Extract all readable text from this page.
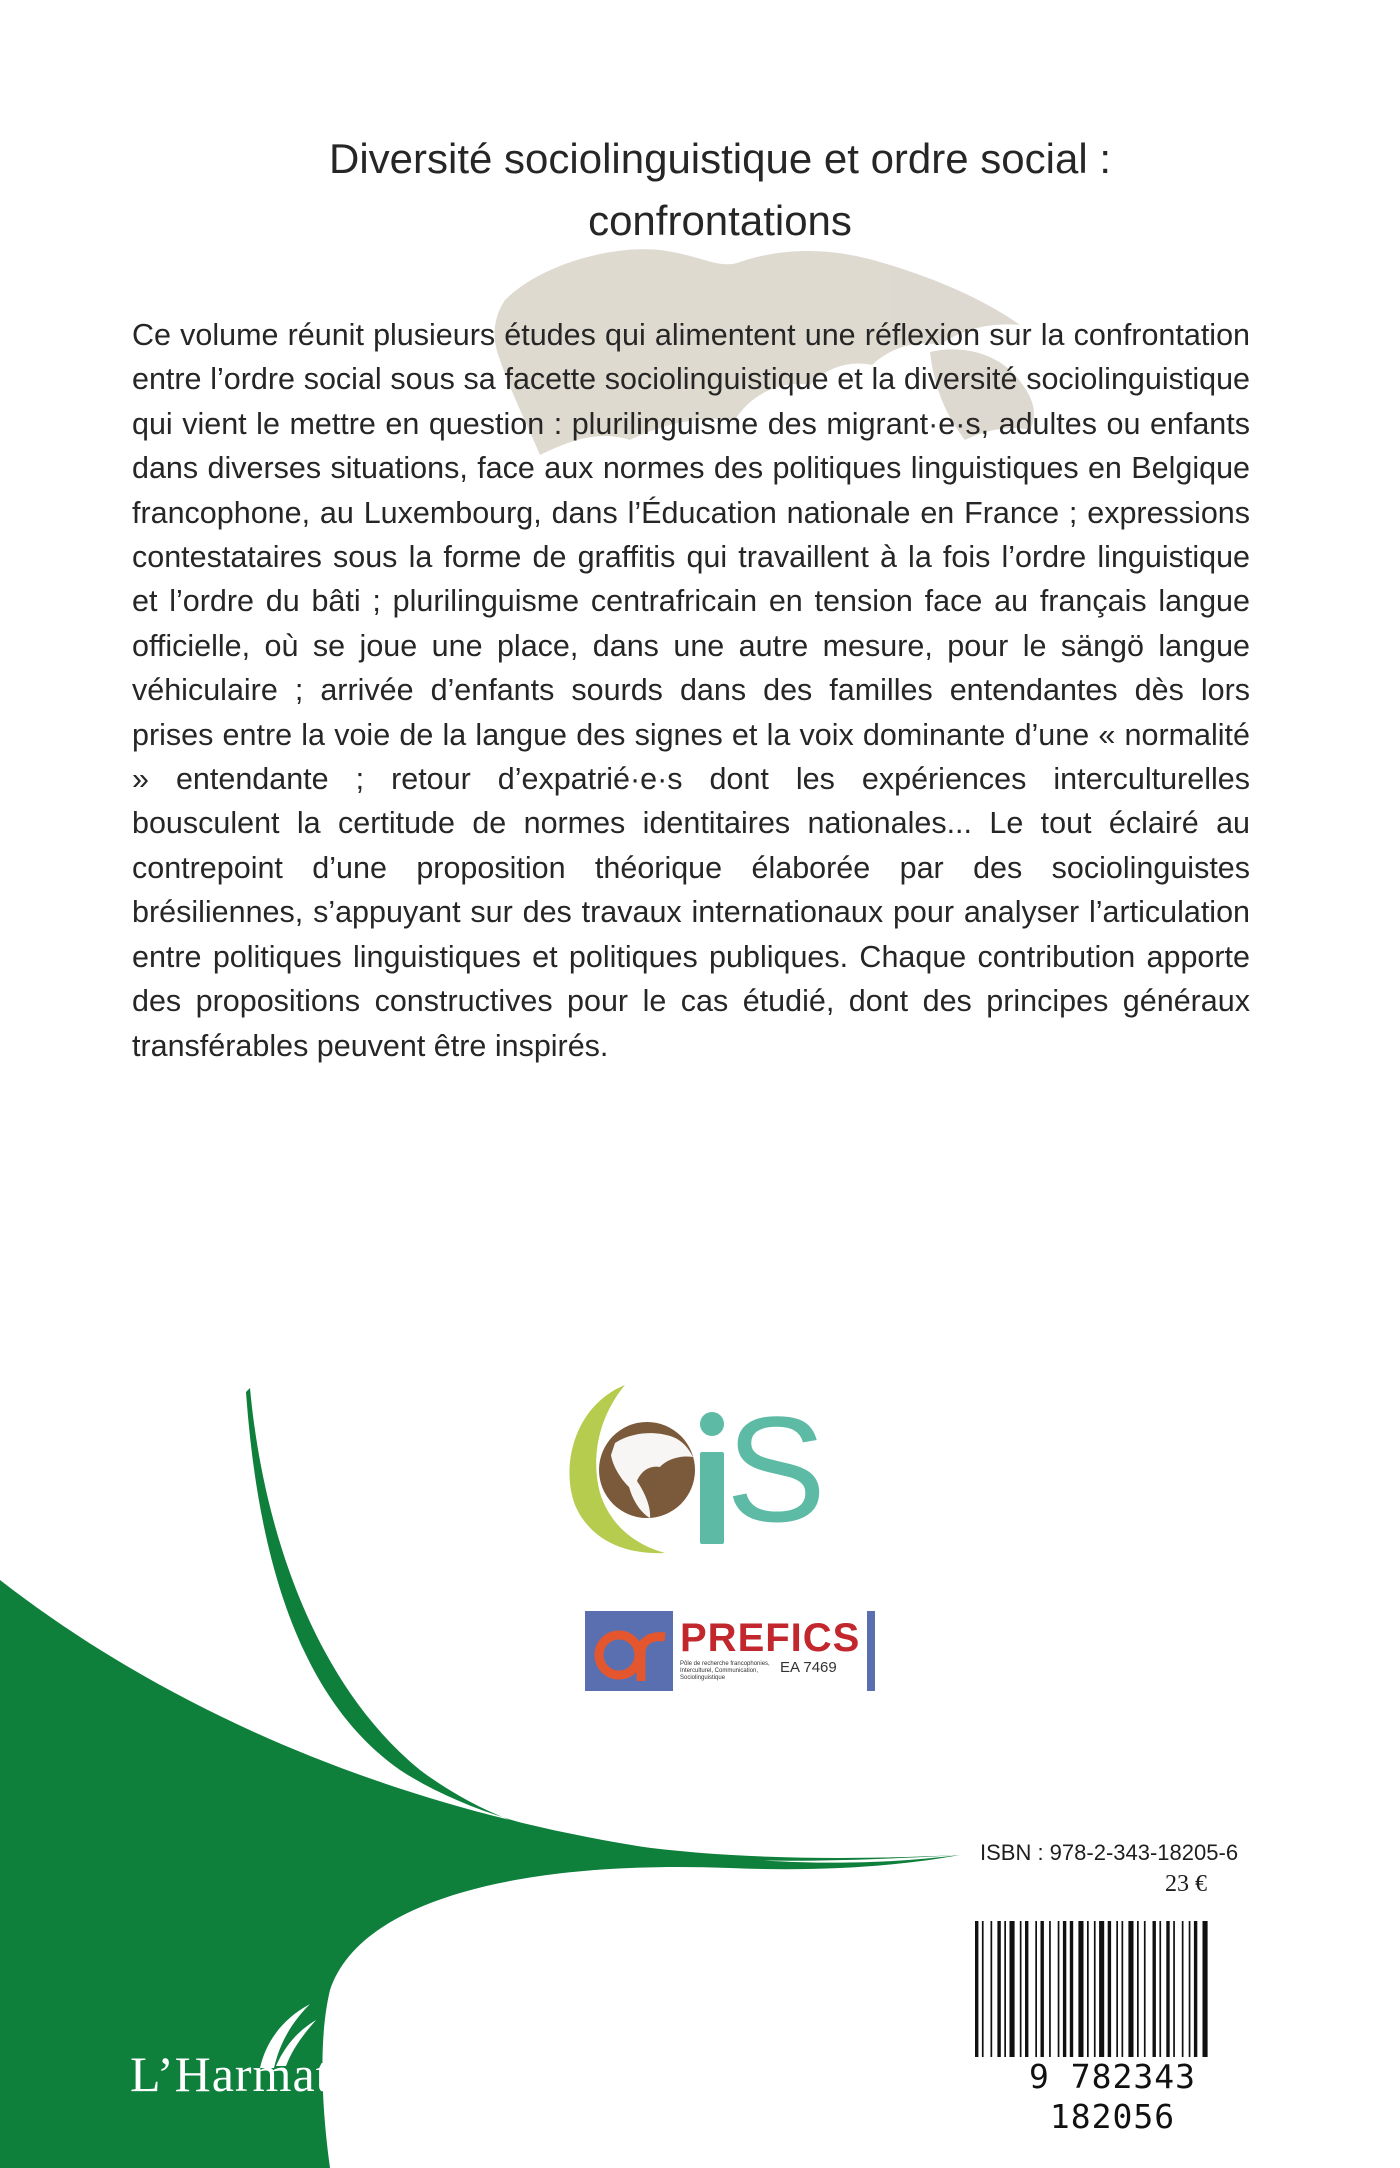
Diversité sociolinguistique et ordre social :
confrontations

Ce volume réunit plusieurs études qui alimentent une réflexion sur la confrontation entre l’ordre social sous sa facette sociolinguistique et la diversité sociolinguistique qui vient le mettre en question : plurilinguisme des migrant·e·s, adultes ou enfants dans diverses situations, face aux normes des politiques linguistiques en Belgique francophone, au Luxembourg, dans l’Éducation nationale en France ; expressions contestataires sous la forme de graffitis qui travaillent à la fois l’ordre linguistique et l’ordre du bâti ; plurilinguisme centrafricain en tension face au français langue officielle, où se joue une place, dans une autre mesure, pour le sängö langue véhiculaire ; arrivée d’enfants sourds dans des familles entendantes dès lors prises entre la voie de la langue des signes et la voix dominante d’une « normalité » entendante ; retour d’expatrié·e·s dont les expériences interculturelles bousculent la certitude de normes identitaires nationales... Le tout éclairé au contrepoint d’une proposition théorique élaborée par des sociolinguistes brésiliennes, s’appuyant sur des travaux internationaux pour analyser l’articulation entre politiques linguistiques et politiques publiques. Chaque contribution apporte des propositions constructives pour le cas étudié, dont des principes généraux transférables peuvent être inspirés.

S
PREFICS
Pôle de recherche francophonies, Interculturel, Communication, Sociolinguistique
EA 7469
ISBN : 978-2-343-18205-6
23 €
9 782343 182056
L’Harmattan
